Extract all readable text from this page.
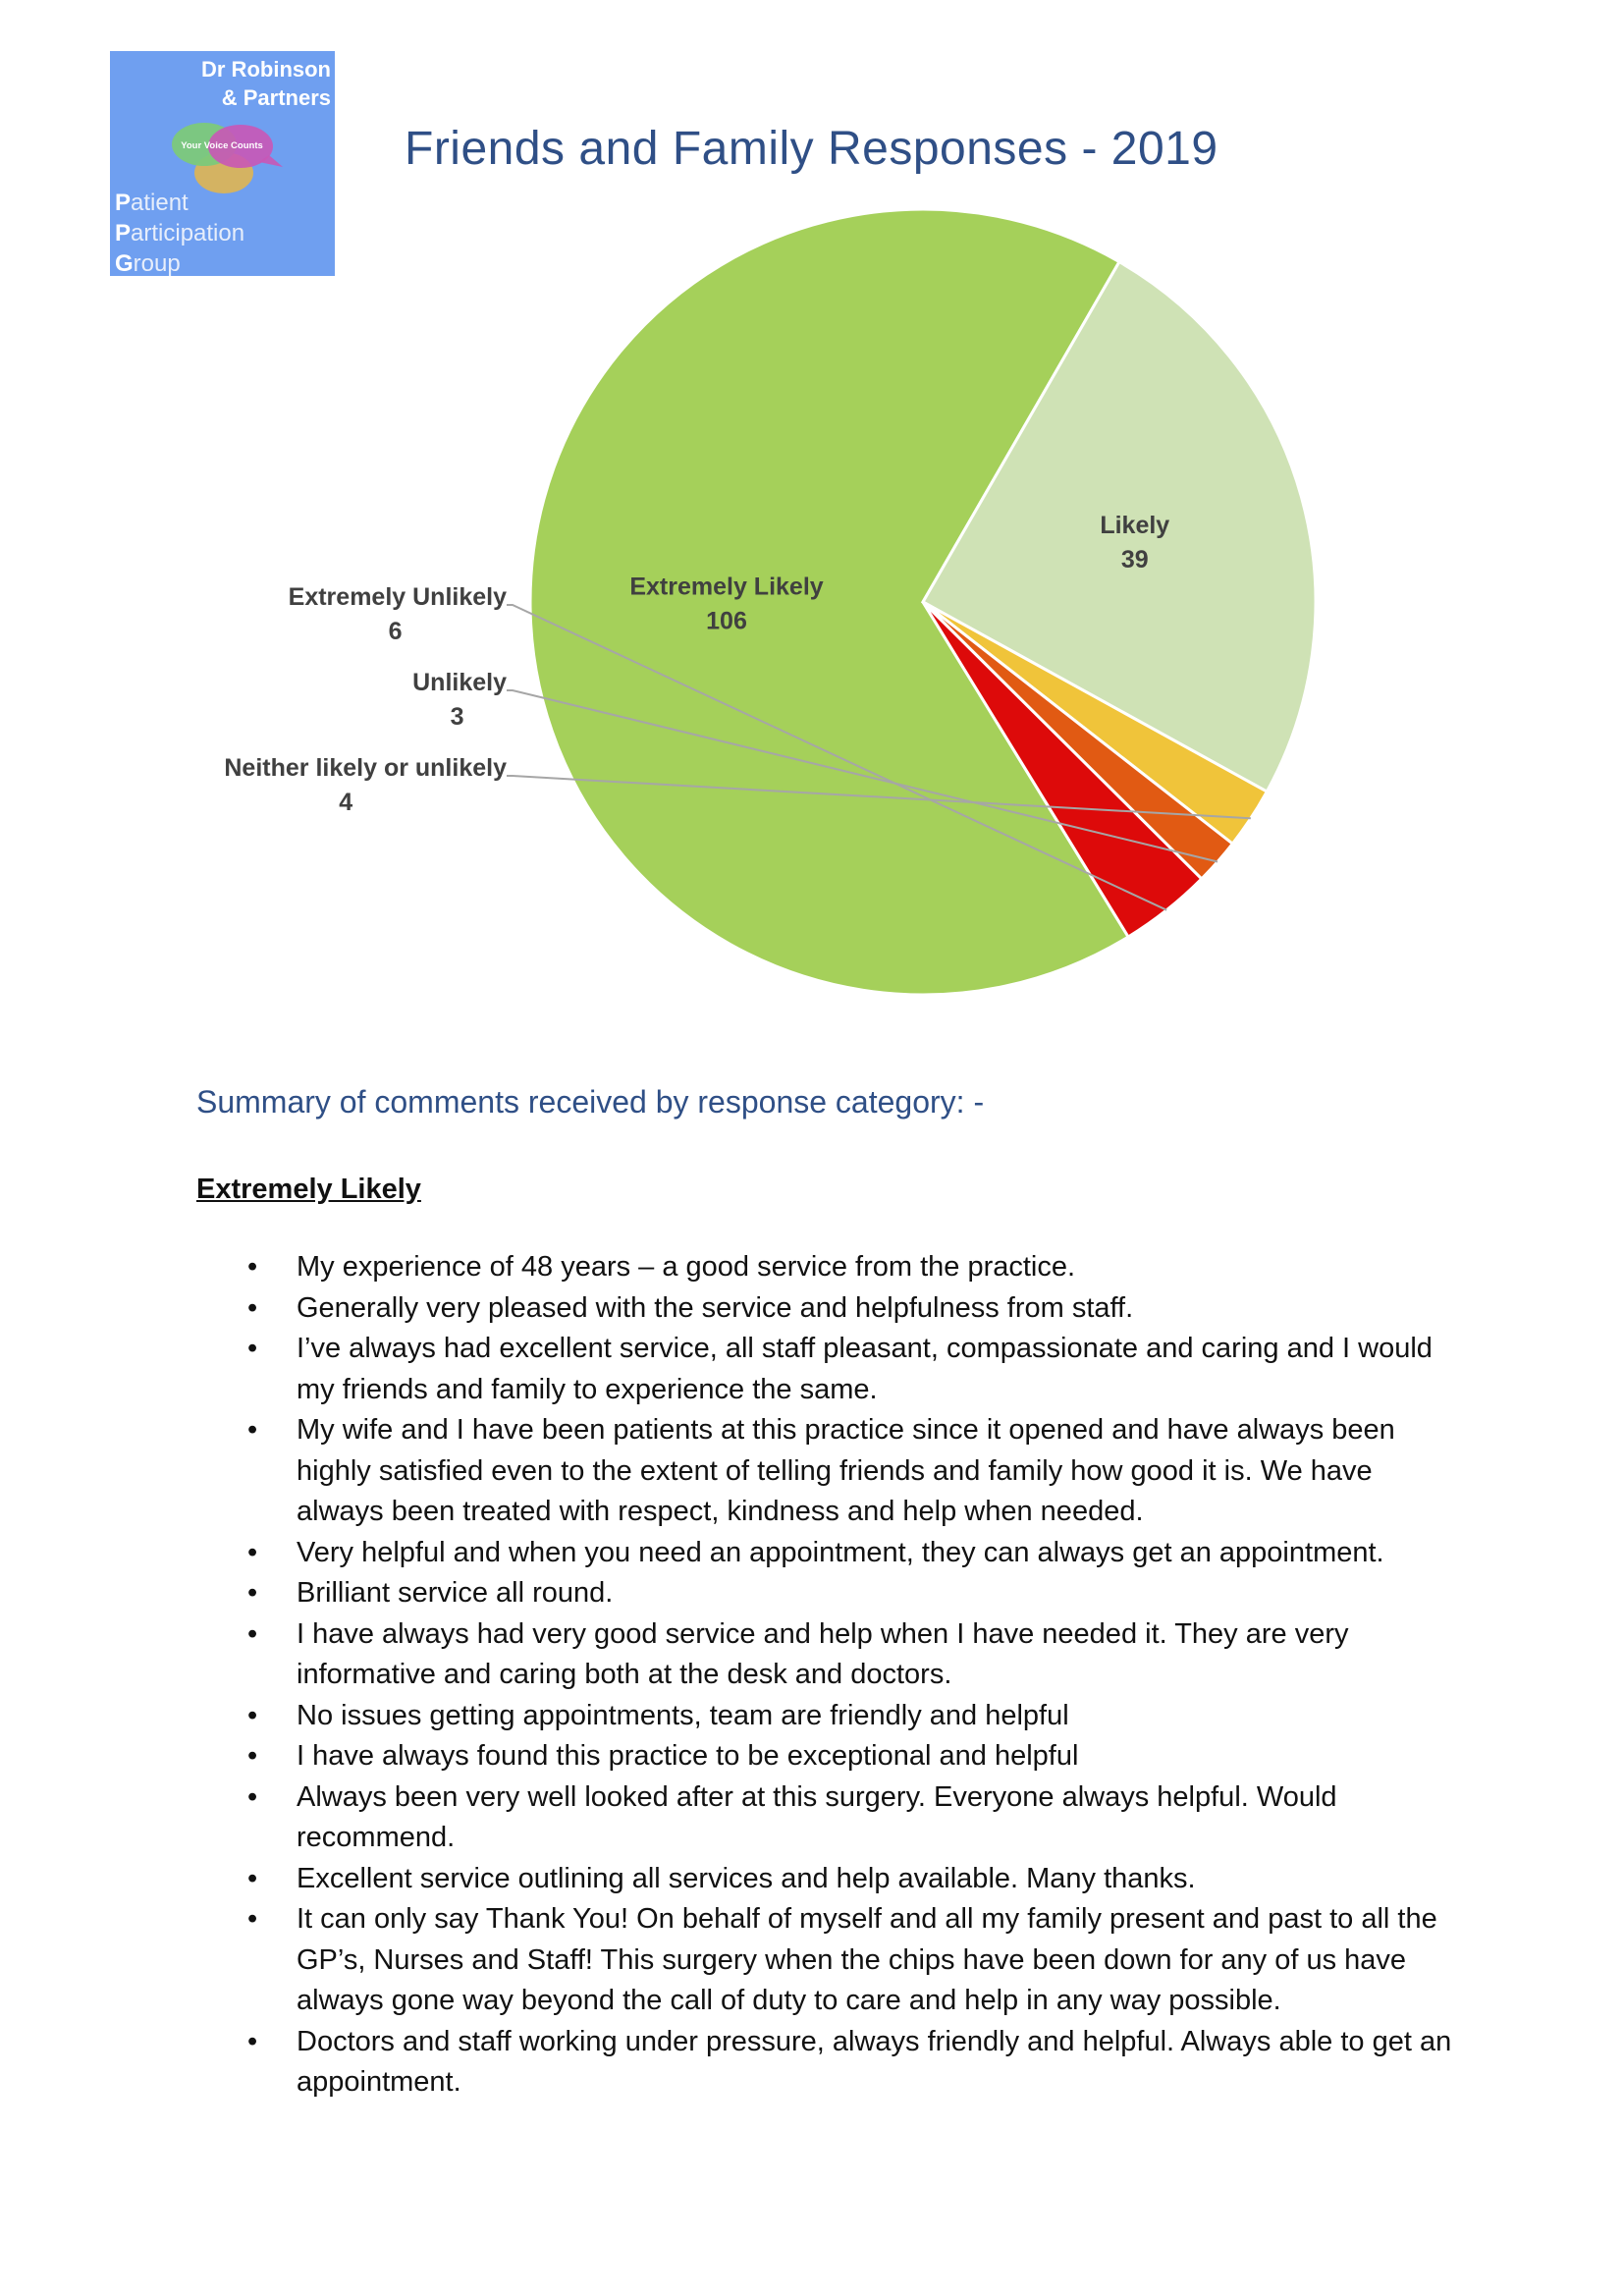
Dr Robinson
& Partners
Your Voice Counts
Patient
Participation
Group
Friends and Family Responses - 2019
Extremely Likely
106
Likely
39
Neither likely or unlikely
4
Unlikely
3
Extremely Unlikely
6
Summary of comments received by response category: -
Extremely Likely
• My experience of 48 years – a good service from the practice.
• Generally very pleased with the service and helpfulness from staff.
• I’ve always had excellent service, all staff pleasant, compassionate and caring and I would my friends and family to experience the same.
• My wife and I have been patients at this practice since it opened and have always been highly satisfied even to the extent of telling friends and family how good it is. We have always been treated with respect, kindness and help when needed.
• Very helpful and when you need an appointment, they can always get an appointment.
• Brilliant service all round.
• I have always had very good service and help when I have needed it. They are very informative and caring both at the desk and doctors.
• No issues getting appointments, team are friendly and helpful
• I have always found this practice to be exceptional and helpful
• Always been very well looked after at this surgery. Everyone always helpful. Would recommend.
• Excellent service outlining all services and help available. Many thanks.
• It can only say Thank You! On behalf of myself and all my family present and past to all the GP’s, Nurses and Staff! This surgery when the chips have been down for any of us have always gone way beyond the call of duty to care and help in any way possible.
• Doctors and staff working under pressure, always friendly and helpful. Always able to get an appointment.
